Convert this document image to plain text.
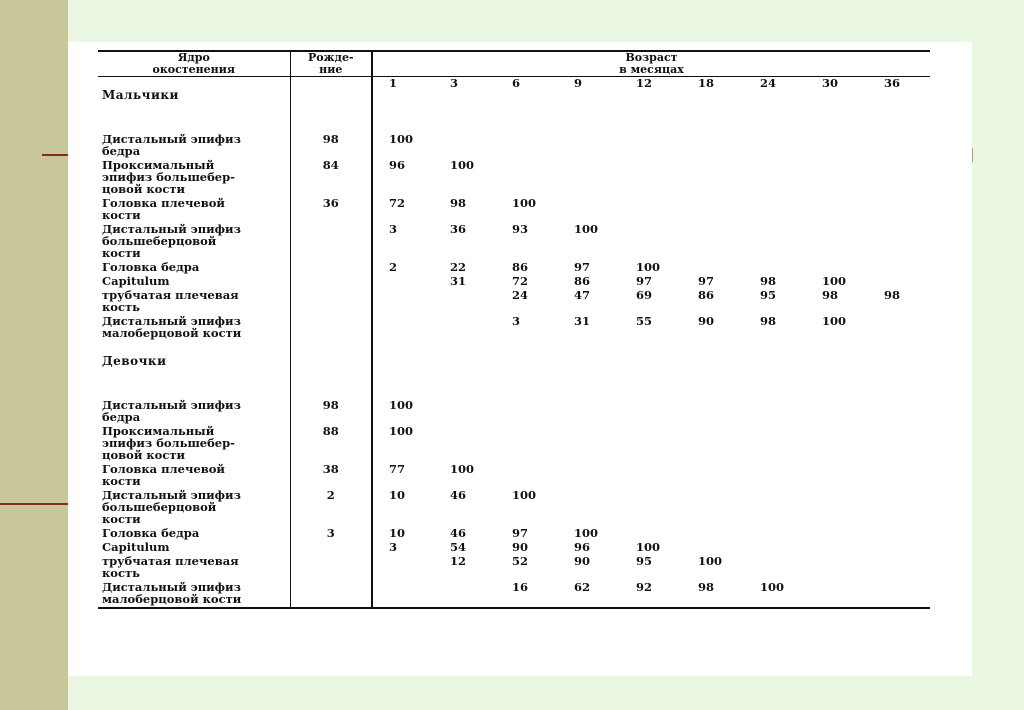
Ядро
окостенения	Рожде-
ние	Возраст
в месяцах								
		1	3	6	9	12	18	24	30	36
Мальчики										
Дистальный эпифиз
бедра	98	100								
Проксимальный
эпифиз большебер-
цовой кости	84	96	100							
Головка плечевой
кости	36	72	98	100						
Дистальный эпифиз
большеберцовой
кости		3	36	93	100					
Головка бедра		2	22	86	97	100				
Capitulum			31	72	86	97	97	98	100	
трубчатая плечевая
кость				24	47	69	86	95	98	98
Дистальный эпифиз
малоберцовой кости				3	31	55	90	98	100	

Девочки										
Дистальный эпифиз
бедра	98	100								
Проксимальный
эпифиз большебер-
цовой кости	88	100								
Головка плечевой
кости	38	77	100							
Дистальный эпифиз
большеберцовой
кости	2	10	46	100						
Головка бедра	3	10	46	97	100					
Capitulum		3	54	90	96	100				
трубчатая плечевая
кость			12	52	90	95	100			
Дистальный эпифиз
малоберцовой кости				16	62	92	98	100		
